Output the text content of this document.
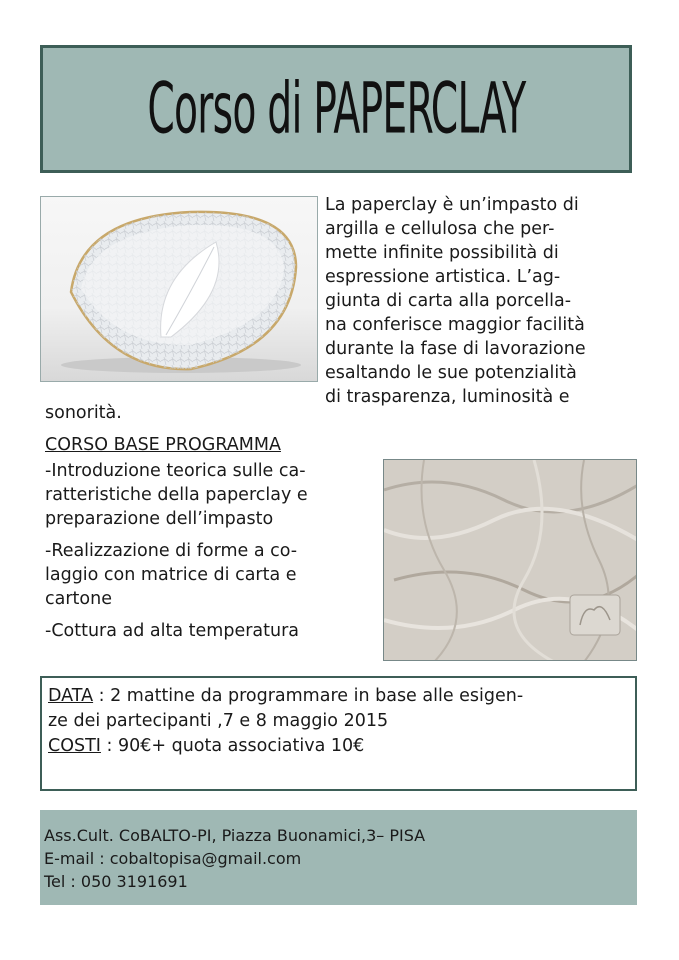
Corso di PAPERCLAY
La paperclay è un’impasto di
argilla e cellulosa che per-
mette infinite possibilità di
espressione artistica. L’ag-
giunta di carta alla porcella-
na conferisce maggior facilità
durante la fase di lavorazione
esaltando le sue potenzialità
di trasparenza, luminosità e
sonorità.
CORSO BASE PROGRAMMA
-Introduzione teorica sulle ca-
ratteristiche della paperclay e
preparazione dell’impasto
-Realizzazione di forme a co-
laggio con matrice di carta e
cartone
-Cottura ad alta temperatura
DATA : 2 mattine da programmare in base alle esigen-
ze dei partecipanti ,7 e 8 maggio 2015
COSTI : 90€+ quota associativa 10€
Ass.Cult. CoBALTO-PI, Piazza Buonamici,3– PISA
E-mail : cobaltopisa@gmail.com
Tel : 050 3191691
